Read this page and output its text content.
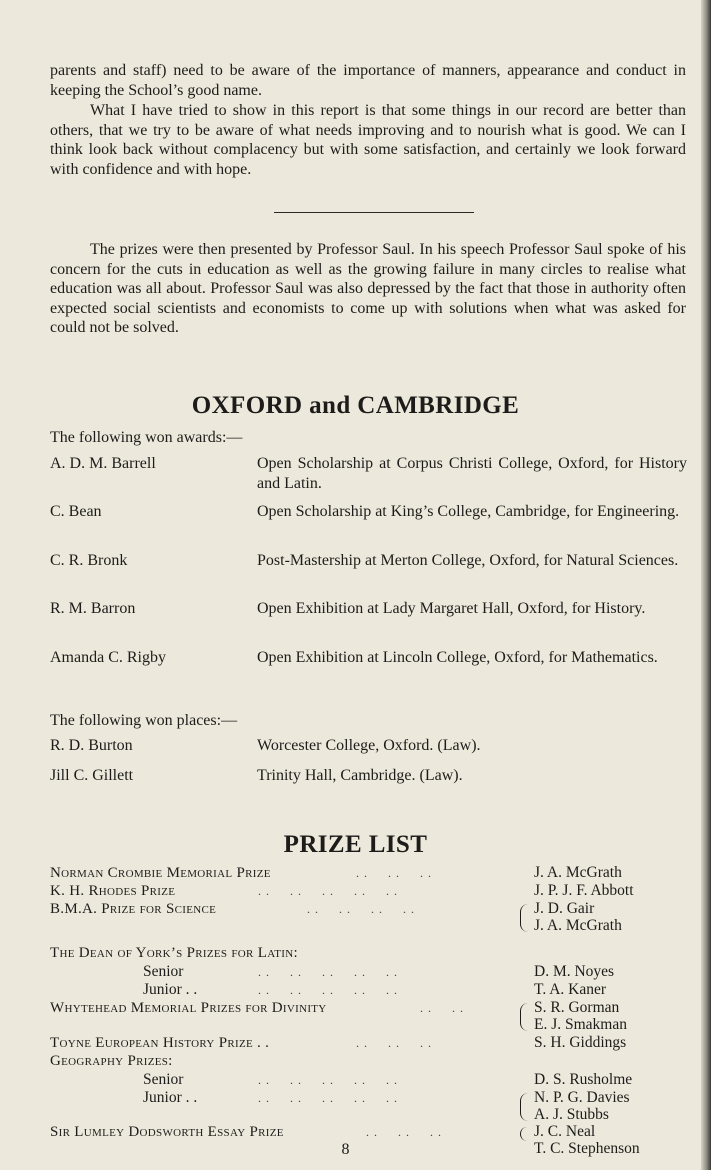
parents and staff) need to be aware of the importance of manners, appearance and conduct in keeping the School’s good name.

What I have tried to show in this report is that some things in our record are better than others, that we try to be aware of what needs improving and to nourish what is good. We can I think look back without complacency but with some satisfaction, and certainly we look forward with confidence and with hope.

The prizes were then presented by Professor Saul. In his speech Professor Saul spoke of his concern for the cuts in education as well as the growing failure in many circles to realise what education was all about. Professor Saul was also depressed by the fact that those in authority often expected social scientists and economists to come up with solutions when what was asked for could not be solved.

OXFORD and CAMBRIDGE
The following won awards:—
A. D. M. Barrell	Open Scholarship at Corpus Christi College, Oxford, for History and Latin.
C. Bean	Open Scholarship at King’s College, Cambridge, for Engineering.
C. R. Bronk	Post-Mastership at Merton College, Oxford, for Natural Sciences.
R. M. Barron	Open Exhibition at Lady Margaret Hall, Oxford, for History.
Amanda C. Rigby	Open Exhibition at Lincoln College, Oxford, for Mathematics.
The following won places:—
R. D. Burton	Worcester College, Oxford. (Law).
Jill C. Gillett	Trinity Hall, Cambridge. (Law).
PRIZE LIST
Norman Crombie Memorial Prize	. . . . . .	J. A. McGrath
K. H. Rhodes Prize	. . . . . . . . . .	J. P. J. F. Abbott
B.M.A. Prize for Science	. . . . . . . .	J. D. Gair
J. A. McGrath
The Dean of York’s Prizes for Latin:
Senior	. . . . . . . . . .	D. M. Noyes
Junior . .	. . . . . . . . . .	T. A. Kaner
Whytehead Memorial Prizes for Divinity	. . . .	S. R. Gorman
E. J. Smakman
Toyne European History Prize . .	. . . . . .	S. H. Giddings
Geography Prizes:
Senior	. . . . . . . . . .	D. S. Rusholme
Junior . .	. . . . . . . . . .	N. P. G. Davies
A. J. Stubbs
Sir Lumley Dodsworth Essay Prize	. . . . . .	J. C. Neal
T. C. Stephenson
8
